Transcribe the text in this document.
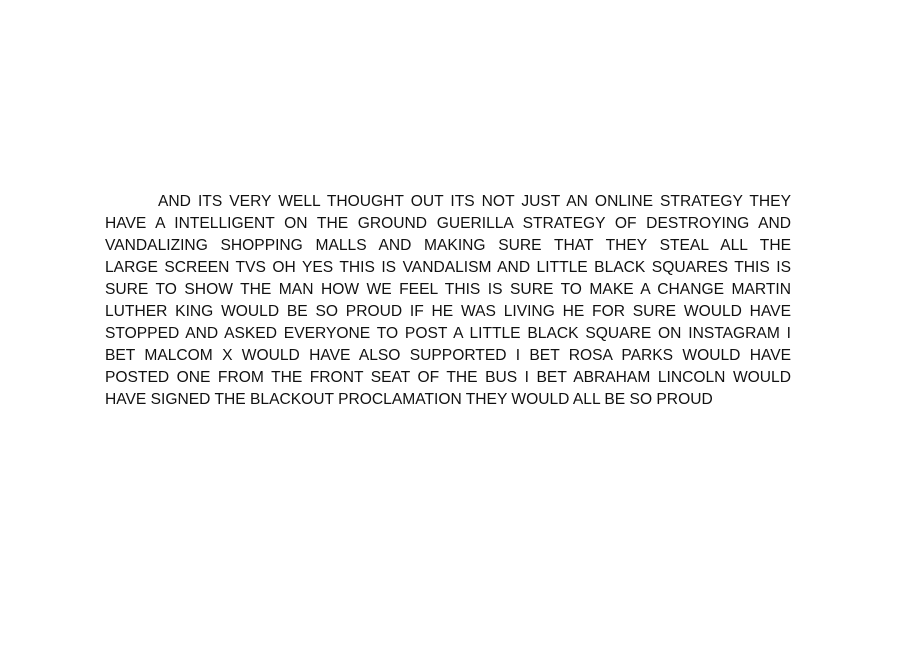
AND ITS VERY WELL THOUGHT OUT ITS NOT JUST AN ONLINE STRATEGY THEY
HAVE A INTELLIGENT ON THE GROUND GUERILLA STRATEGY OF DESTROYING AND
VANDALIZING SHOPPING MALLS AND MAKING SURE THAT THEY STEAL ALL THE
LARGE SCREEN TVS OH YES THIS IS VANDALISM AND LITTLE BLACK SQUARES THIS IS
SURE TO SHOW THE MAN HOW WE FEEL THIS IS SURE TO MAKE A CHANGE MARTIN
LUTHER KING WOULD BE SO PROUD IF HE WAS LIVING HE FOR SURE WOULD HAVE
STOPPED AND ASKED EVERYONE TO POST A LITTLE BLACK SQUARE ON INSTAGRAM I
BET MALCOM X WOULD HAVE ALSO SUPPORTED I BET ROSA PARKS WOULD HAVE
POSTED ONE FROM THE FRONT SEAT OF THE BUS I BET ABRAHAM LINCOLN WOULD
HAVE SIGNED THE BLACKOUT PROCLAMATION THEY WOULD ALL BE SO PROUD
